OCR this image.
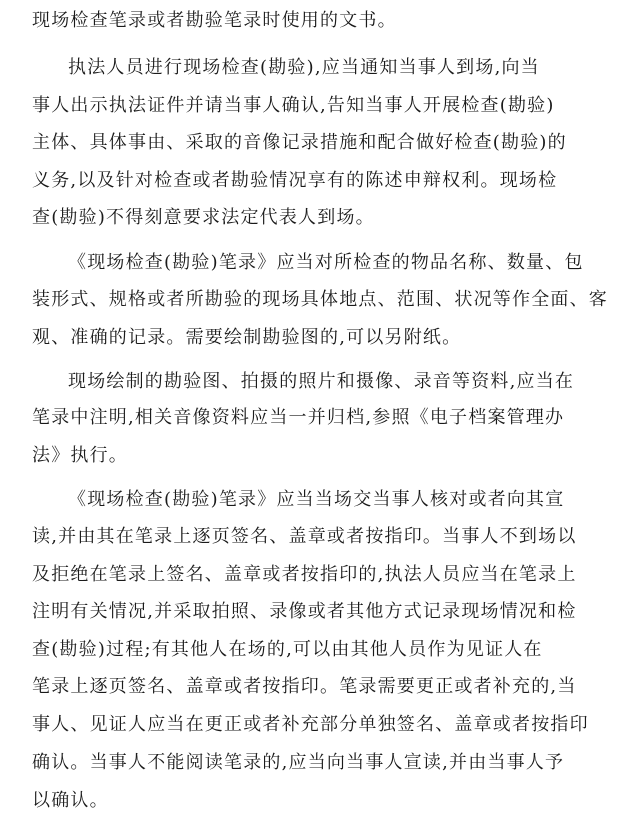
现场检查笔录或者勘验笔录时使用的文书。
执法人员进行现场检查(勘验),应当通知当事人到场,向当
事人出示执法证件并请当事人确认,告知当事人开展检查(勘验)
主体、具体事由、采取的音像记录措施和配合做好检查(勘验)的
义务,以及针对检查或者勘验情况享有的陈述申辩权利。现场检
查(勘验)不得刻意要求法定代表人到场。
《现场检查(勘验)笔录》应当对所检查的物品名称、数量、包
装形式、规格或者所勘验的现场具体地点、范围、状况等作全面、客
观、准确的记录。需要绘制勘验图的,可以另附纸。
现场绘制的勘验图、拍摄的照片和摄像、录音等资料,应当在
笔录中注明,相关音像资料应当一并归档,参照《电子档案管理办
法》执行。
《现场检查(勘验)笔录》应当当场交当事人核对或者向其宣
读,并由其在笔录上逐页签名、盖章或者按指印。当事人不到场以
及拒绝在笔录上签名、盖章或者按指印的,执法人员应当在笔录上
注明有关情况,并采取拍照、录像或者其他方式记录现场情况和检
查(勘验)过程;有其他人在场的,可以由其他人员作为见证人在
笔录上逐页签名、盖章或者按指印。笔录需要更正或者补充的,当
事人、见证人应当在更正或者补充部分单独签名、盖章或者按指印
确认。当事人不能阅读笔录的,应当向当事人宣读,并由当事人予
以确认。
